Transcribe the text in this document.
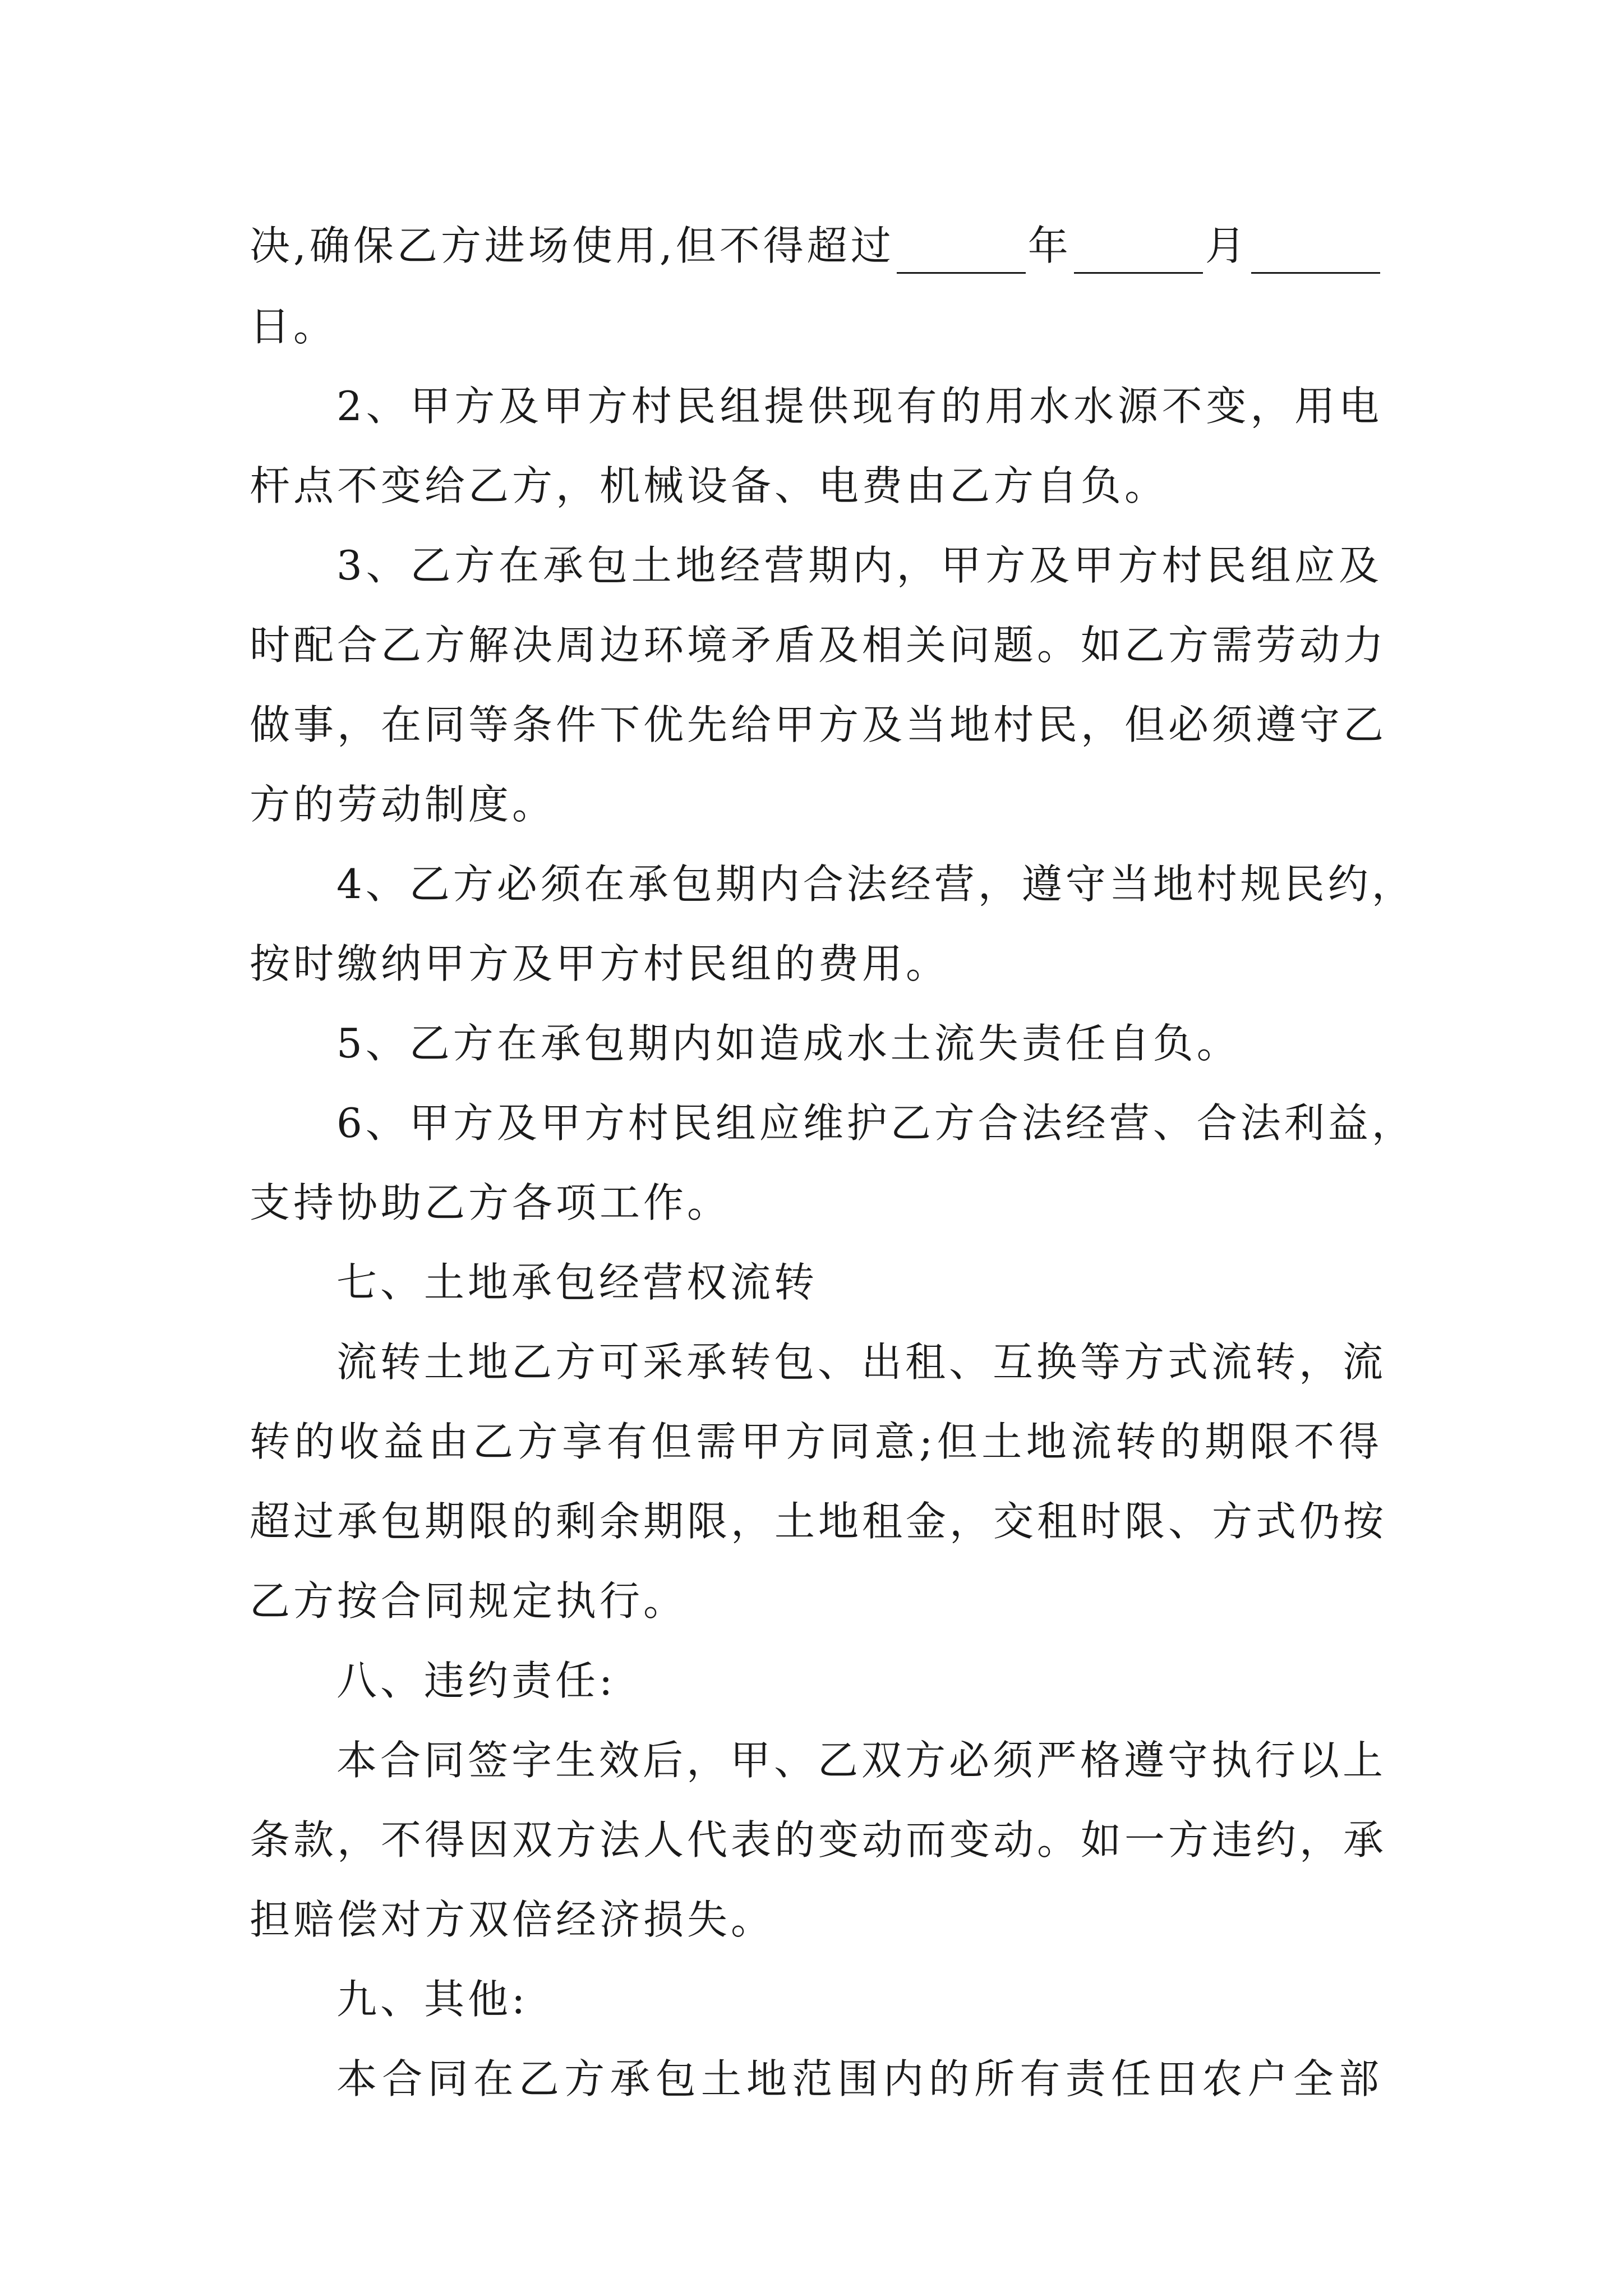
决,确保乙方进场使用,但不得超过	年	月
日。
2、甲方及甲方村民组提供现有的用水水源不变，用电
杆点不变给乙方，机械设备、电费由乙方自负。
3、乙方在承包土地经营期内，甲方及甲方村民组应及
时配合乙方解决周边环境矛盾及相关问题。如乙方需劳动力
做事，在同等条件下优先给甲方及当地村民，但必须遵守乙
方的劳动制度。
4、乙方必须在承包期内合法经营，遵守当地村规民约，
按时缴纳甲方及甲方村民组的费用。
5、乙方在承包期内如造成水土流失责任自负。
6、甲方及甲方村民组应维护乙方合法经营、合法利益，
支持协助乙方各项工作。
七、土地承包经营权流转
流转土地乙方可采承转包、出租、互换等方式流转，流
转的收益由乙方享有但需甲方同意;但土地流转的期限不得
超过承包期限的剩余期限，土地租金，交租时限、方式仍按
乙方按合同规定执行。
八、违约责任:
本合同签字生效后，甲、乙双方必须严格遵守执行以上
条款，不得因双方法人代表的变动而变动。如一方违约，承
担赔偿对方双倍经济损失。
九、其他:
本合同在乙方承包土地范围内的所有责任田农户全部
